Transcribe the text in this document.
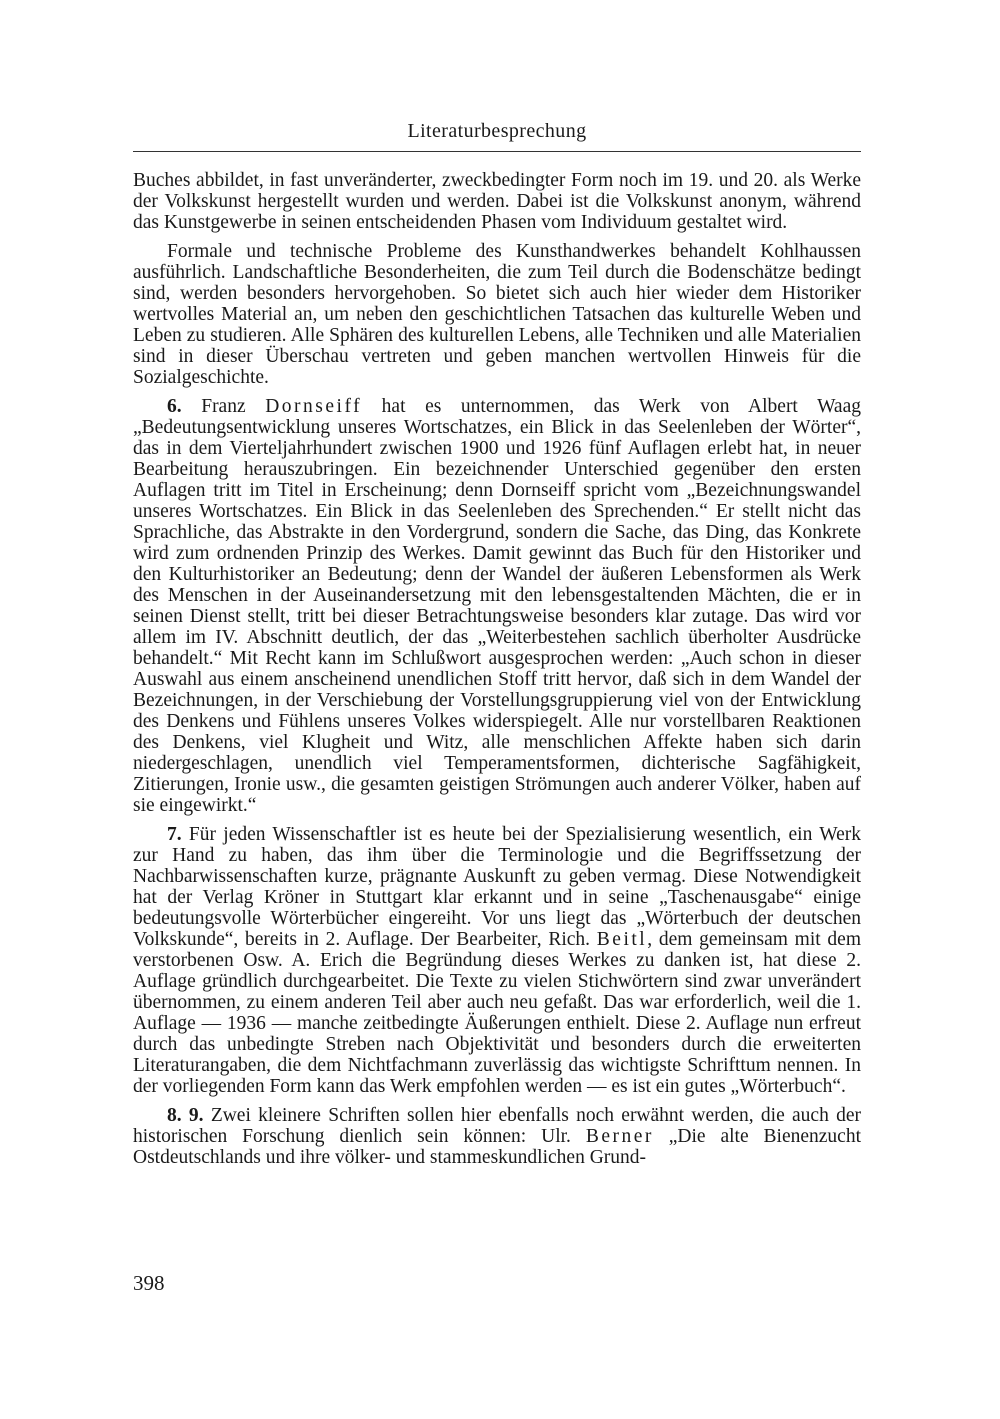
Literaturbesprechung

Buches abbildet, in fast unveränderter, zweckbedingter Form noch im 19. und 20. als Werke der Volkskunst hergestellt wurden und werden. Dabei ist die Volkskunst anonym, während das Kunstgewerbe in seinen entscheidenden Phasen vom Individuum gestaltet wird.

Formale und technische Probleme des Kunsthandwerkes behandelt Kohlhaussen ausführlich. Landschaftliche Besonderheiten, die zum Teil durch die Bodenschätze bedingt sind, werden besonders hervorgehoben. So bietet sich auch hier wieder dem Historiker wertvolles Material an, um neben den geschichtlichen Tatsachen das kulturelle Weben und Leben zu studieren. Alle Sphären des kulturellen Lebens, alle Techniken und alle Materialien sind in dieser Überschau vertreten und geben manchen wertvollen Hinweis für die Sozialgeschichte.

6. Franz Dornseiff hat es unternommen, das Werk von Albert Waag „Bedeutungsentwicklung unseres Wortschatzes, ein Blick in das Seelenleben der Wörter“, das in dem Vierteljahrhundert zwischen 1900 und 1926 fünf Auflagen erlebt hat, in neuer Bearbeitung herauszubringen. Ein bezeichnender Unterschied gegenüber den ersten Auflagen tritt im Titel in Erscheinung; denn Dornseiff spricht vom „Bezeichnungswandel unseres Wortschatzes. Ein Blick in das Seelenleben des Sprechenden.“ Er stellt nicht das Sprachliche, das Abstrakte in den Vordergrund, sondern die Sache, das Ding, das Konkrete wird zum ordnenden Prinzip des Werkes. Damit gewinnt das Buch für den Historiker und den Kulturhistoriker an Bedeutung; denn der Wandel der äußeren Lebensformen als Werk des Menschen in der Auseinandersetzung mit den lebensgestaltenden Mächten, die er in seinen Dienst stellt, tritt bei dieser Betrachtungsweise besonders klar zutage. Das wird vor allem im IV. Abschnitt deutlich, der das „Weiterbestehen sachlich überholter Ausdrücke behandelt.“ Mit Recht kann im Schlußwort ausgesprochen werden: „Auch schon in dieser Auswahl aus einem anscheinend unendlichen Stoff tritt hervor, daß sich in dem Wandel der Bezeichnungen, in der Verschiebung der Vorstellungsgruppierung viel von der Entwicklung des Denkens und Fühlens unseres Volkes widerspiegelt. Alle nur vorstellbaren Reaktionen des Denkens, viel Klugheit und Witz, alle menschlichen Affekte haben sich darin niedergeschlagen, unendlich viel Temperamentsformen, dichterische Sagfähigkeit, Zitierungen, Ironie usw., die gesamten geistigen Strömungen auch anderer Völker, haben auf sie eingewirkt.“

7. Für jeden Wissenschaftler ist es heute bei der Spezialisierung wesentlich, ein Werk zur Hand zu haben, das ihm über die Terminologie und die Begriffssetzung der Nachbarwissenschaften kurze, prägnante Auskunft zu geben vermag. Diese Notwendigkeit hat der Verlag Kröner in Stuttgart klar erkannt und in seine „Taschenausgabe“ einige bedeutungsvolle Wörterbücher eingereiht. Vor uns liegt das „Wörterbuch der deutschen Volkskunde“, bereits in 2. Auflage. Der Bearbeiter, Rich. Beitl, dem gemeinsam mit dem verstorbenen Osw. A. Erich die Begründung dieses Werkes zu danken ist, hat diese 2. Auflage gründlich durchgearbeitet. Die Texte zu vielen Stichwörtern sind zwar unverändert übernommen, zu einem anderen Teil aber auch neu gefaßt. Das war erforderlich, weil die 1. Auflage — 1936 — manche zeitbedingte Äußerungen enthielt. Diese 2. Auflage nun erfreut durch das unbedingte Streben nach Objektivität und besonders durch die erweiterten Literaturangaben, die dem Nichtfachmann zuverlässig das wichtigste Schrifttum nennen. In der vorliegenden Form kann das Werk empfohlen werden — es ist ein gutes „Wörterbuch“.

8. 9. Zwei kleinere Schriften sollen hier ebenfalls noch erwähnt werden, die auch der historischen Forschung dienlich sein können: Ulr. Berner „Die alte Bienenzucht Ostdeutschlands und ihre völker- und stammeskundlichen Grund-

398
